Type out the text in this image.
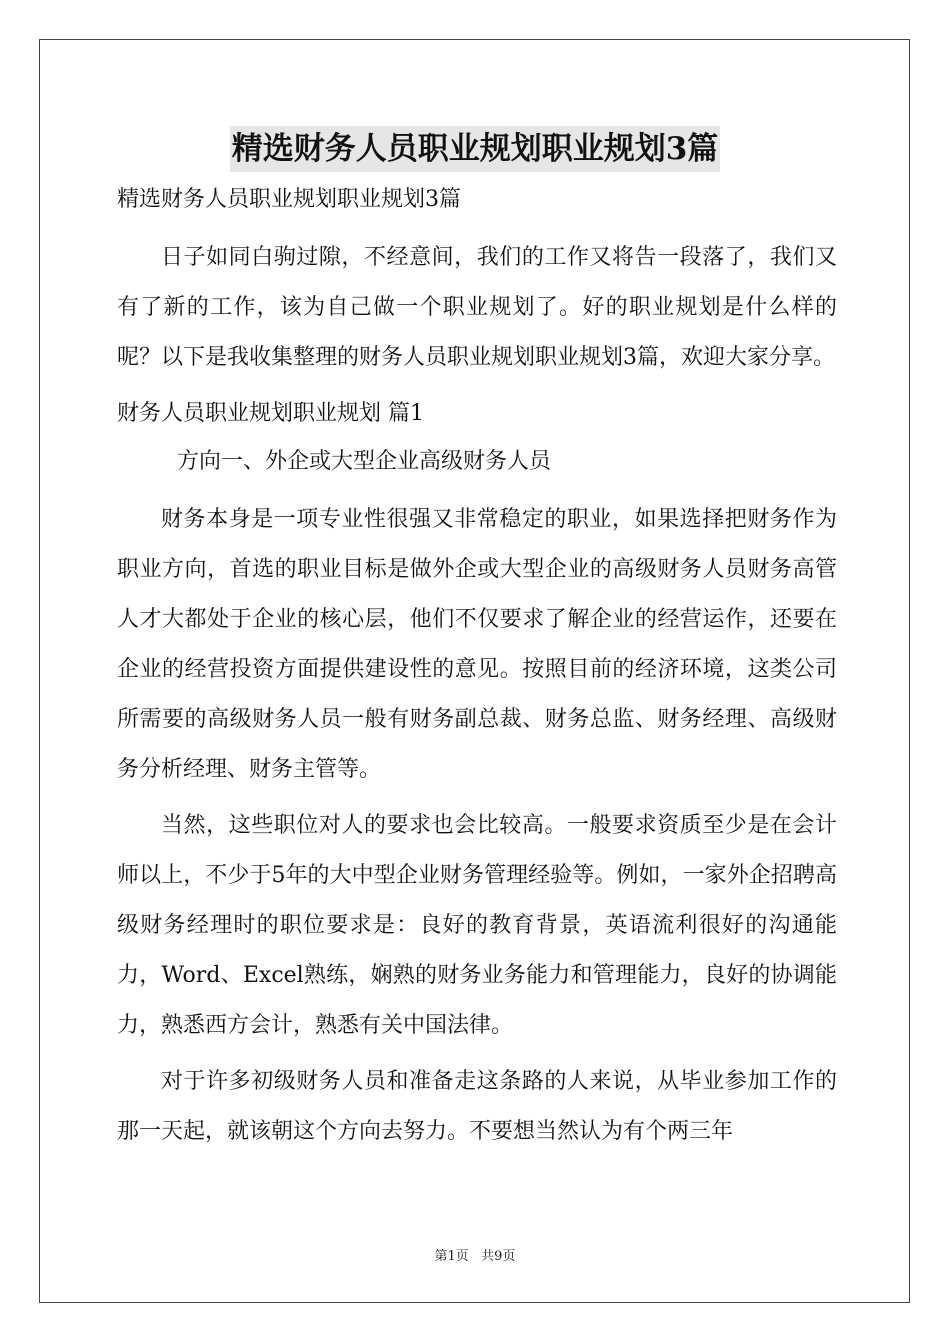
精选财务人员职业规划职业规划3篇

精选财务人员职业规划职业规划3篇

日子如同白驹过隙，不经意间，我们的工作又将告一段落了，我们又有了新的工作，该为自己做一个职业规划了。好的职业规划是什么样的呢？以下是我收集整理的财务人员职业规划职业规划3篇，欢迎大家分享。

财务人员职业规划职业规划 篇1

方向一、外企或大型企业高级财务人员

财务本身是一项专业性很强又非常稳定的职业，如果选择把财务作为职业方向，首选的职业目标是做外企或大型企业的高级财务人员财务高管人才大都处于企业的核心层，他们不仅要求了解企业的经营运作，还要在企业的经营投资方面提供建设性的意见。按照目前的经济环境，这类公司所需要的高级财务人员一般有财务副总裁、财务总监、财务经理、高级财务分析经理、财务主管等。

当然，这些职位对人的要求也会比较高。一般要求资质至少是在会计师以上，不少于5年的大中型企业财务管理经验等。例如，一家外企招聘高级财务经理时的职位要求是：良好的教育背景，英语流利很好的沟通能力，Word、Excel熟练，娴熟的财务业务能力和管理能力，良好的协调能力，熟悉西方会计，熟悉有关中国法律。

对于许多初级财务人员和准备走这条路的人来说，从毕业参加工作的那一天起，就该朝这个方向去努力。不要想当然认为有个两三年

第1页   共9页
